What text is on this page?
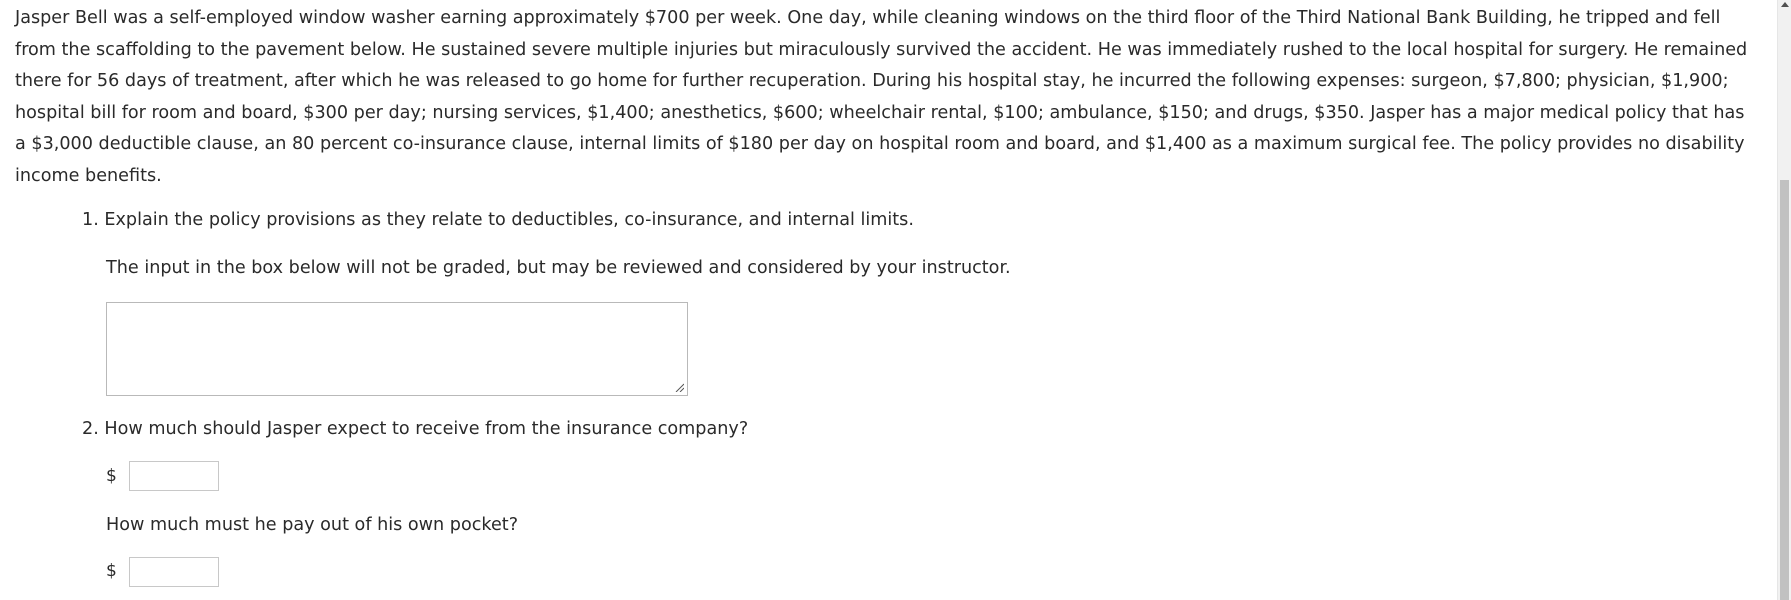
Jasper Bell was a self-employed window washer earning approximately $700 per week. One day, while cleaning windows on the third floor of the Third National Bank Building, he tripped and fell from the scaffolding to the pavement below. He sustained severe multiple injuries but miraculously survived the accident. He was immediately rushed to the local hospital for surgery. He remained there for 56 days of treatment, after which he was released to go home for further recuperation. During his hospital stay, he incurred the following expenses: surgeon, $7,800; physician, $1,900; hospital bill for room and board, $300 per day; nursing services, $1,400; anesthetics, $600; wheelchair rental, $100; ambulance, $150; and drugs, $350. Jasper has a major medical policy that has a $3,000 deductible clause, an 80 percent co-insurance clause, internal limits of $180 per day on hospital room and board, and $1,400 as a maximum surgical fee. The policy provides no disability income benefits.

1. Explain the policy provisions as they relate to deductibles, co-insurance, and internal limits.
The input in the box below will not be graded, but may be reviewed and considered by your instructor.
2. How much should Jasper expect to receive from the insurance company?
$
How much must he pay out of his own pocket?
$
